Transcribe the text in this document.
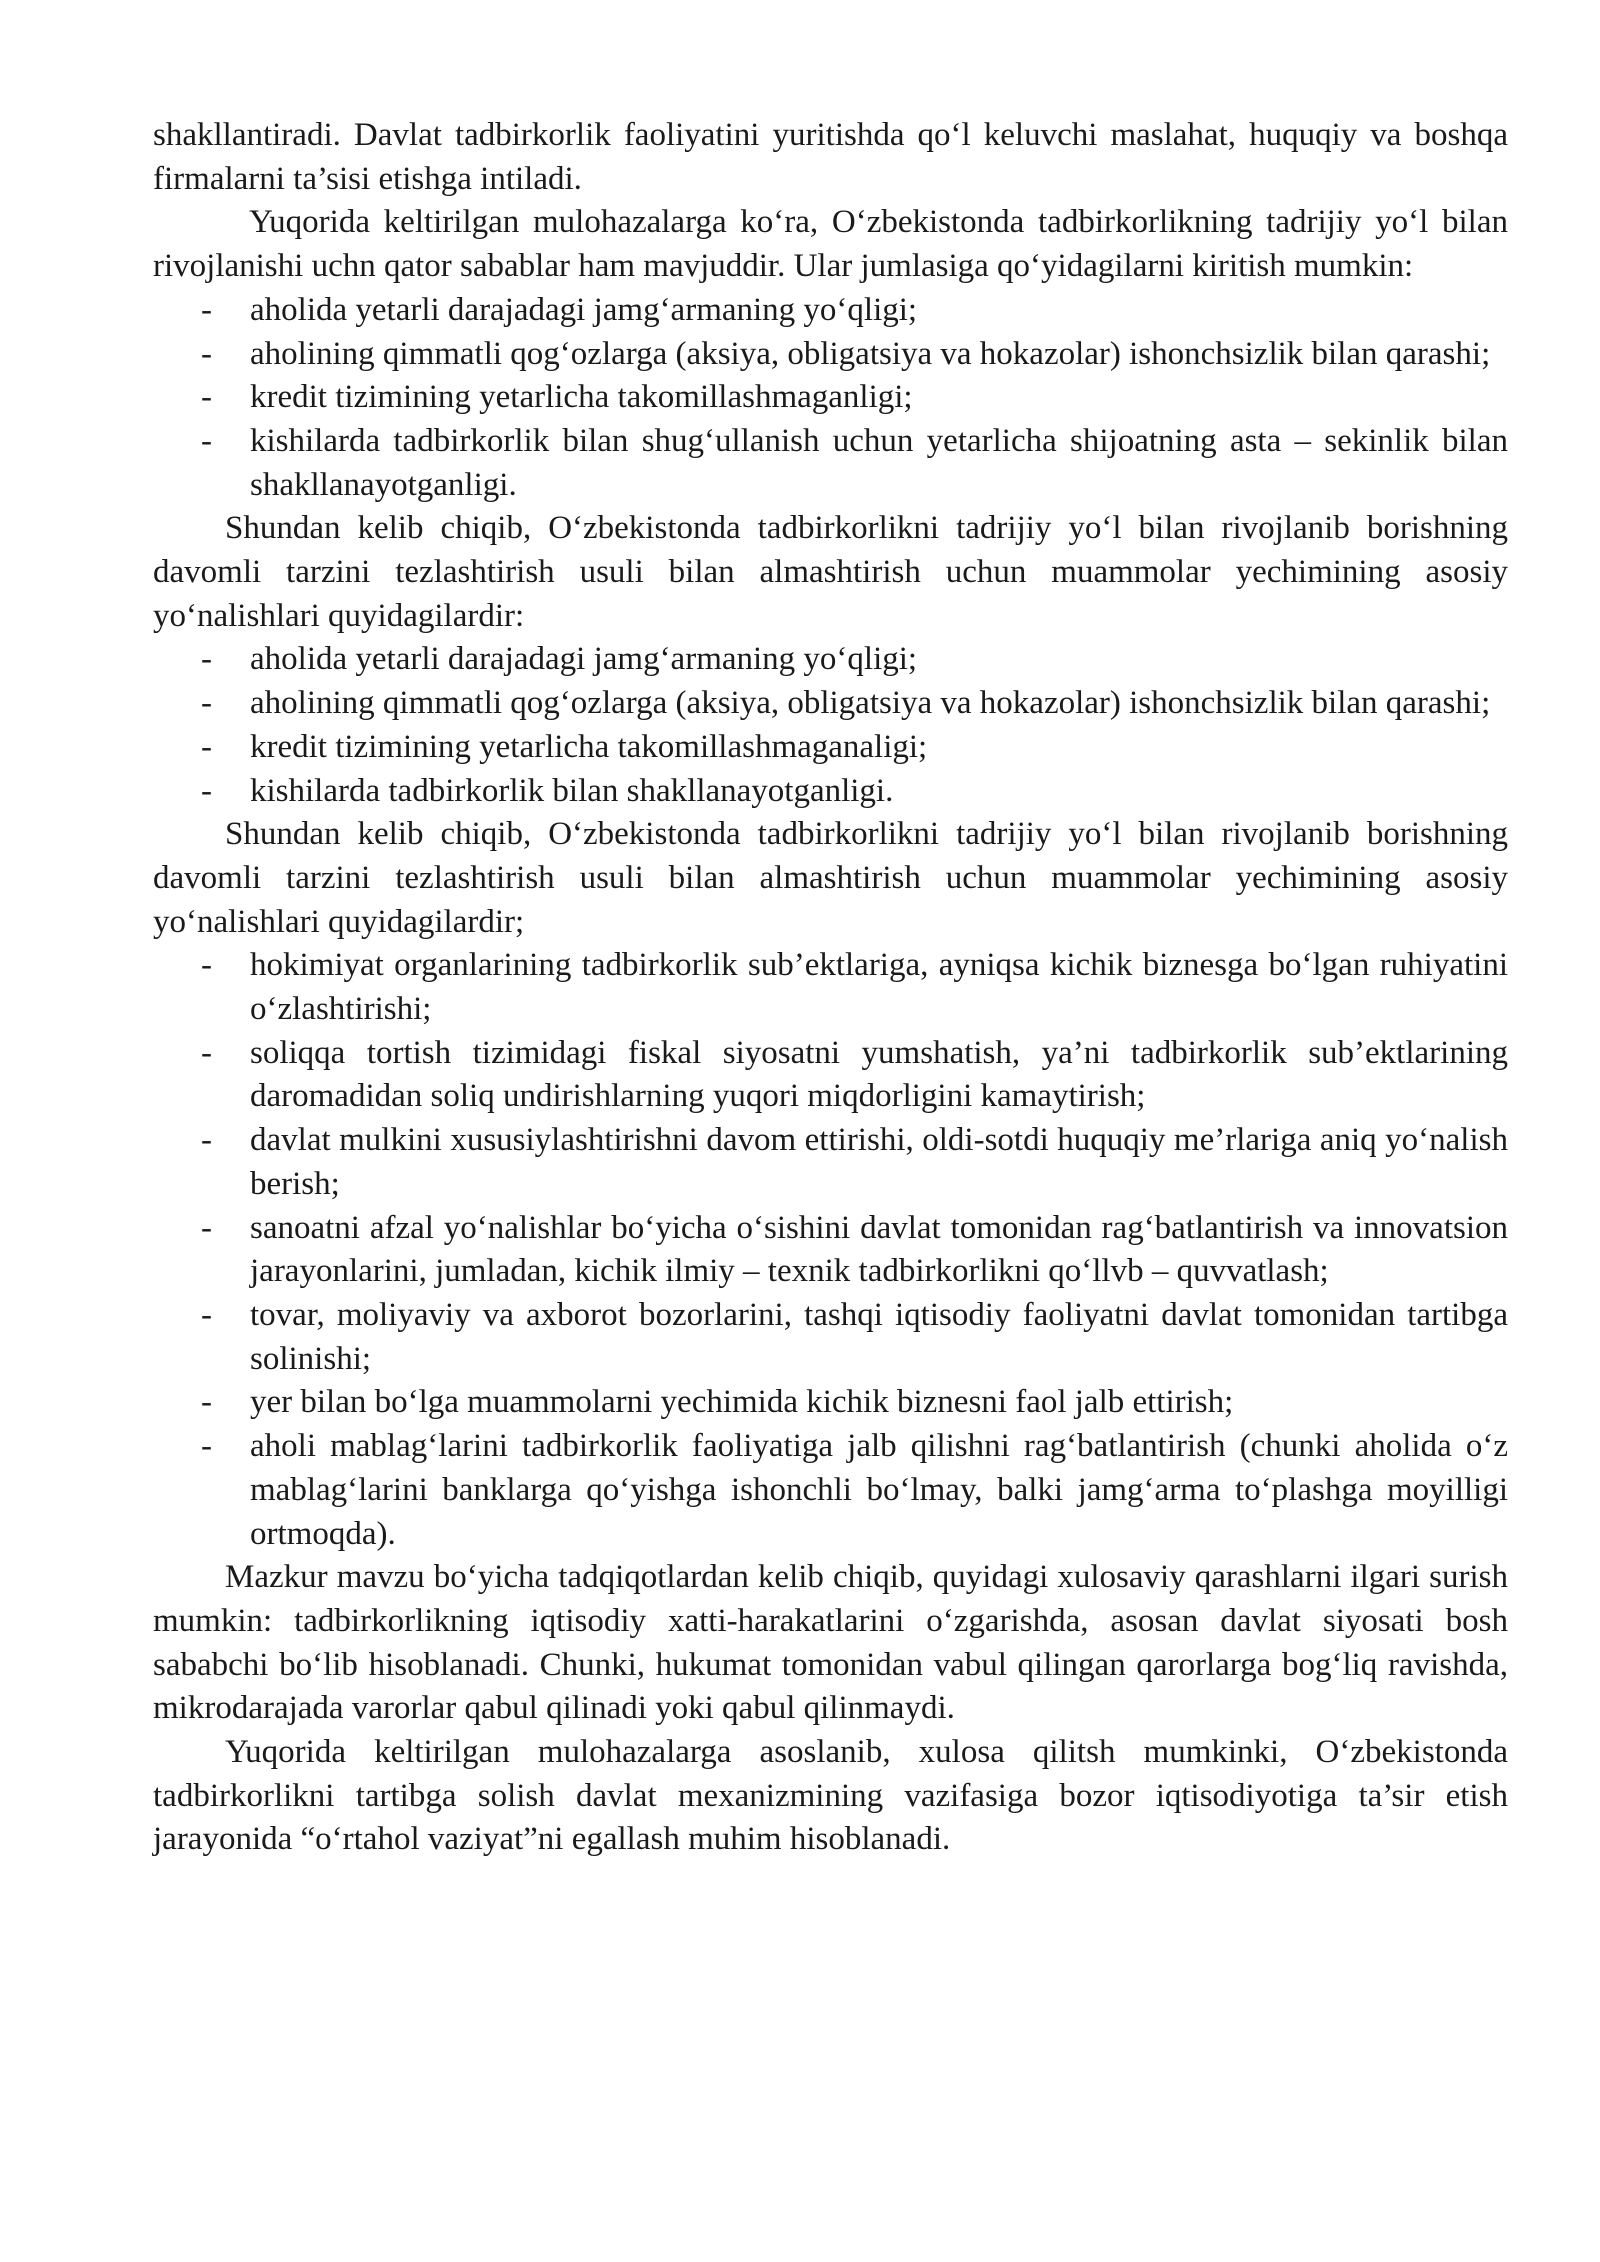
shakllantiradi. Davlat tadbirkorlik faoliyatini yuritishda qo‘l keluvchi maslahat, huquqiy va boshqa firmalarni ta’sisi etishga intiladi.

Yuqorida keltirilgan mulohazalarga ko‘ra, O‘zbekistonda tadbirkorlikning tadrijiy yo‘l bilan rivojlanishi uchn qator sabablar ham mavjuddir. Ular jumlasiga qo‘yidagilarni kiritish mumkin:

- aholida yetarli darajadagi jamg‘armaning yo‘qligi;
- aholining qimmatli qog‘ozlarga (aksiya, obligatsiya va hokazolar) ishonchsizlik bilan qarashi;
- kredit tizimining yetarlicha takomillashmaganligi;
- kishilarda tadbirkorlik bilan shug‘ullanish uchun yetarlicha shijoatning asta – sekinlik bilan shakllanayotganligi.

Shundan kelib chiqib, O‘zbekistonda tadbirkorlikni tadrijiy yo‘l bilan rivojlanib borishning davomli tarzini tezlashtirish usuli bilan almashtirish uchun muammolar yechimining asosiy yo‘nalishlari quyidagilardir:

- aholida yetarli darajadagi jamg‘armaning yo‘qligi;
- aholining qimmatli qog‘ozlarga (aksiya, obligatsiya va hokazolar) ishonchsizlik bilan qarashi;
- kredit tizimining yetarlicha takomillashmaganaligi;
- kishilarda tadbirkorlik bilan shakllanayotganligi.

Shundan kelib chiqib, O‘zbekistonda tadbirkorlikni tadrijiy yo‘l bilan rivojlanib borishning davomli tarzini tezlashtirish usuli bilan almashtirish uchun muammolar yechimining asosiy yo‘nalishlari quyidagilardir;

- hokimiyat organlarining tadbirkorlik sub’ektlariga, ayniqsa kichik biznesga bo‘lgan ruhiyatini o‘zlashtirishi;
- soliqqa tortish tizimidagi fiskal siyosatni yumshatish, ya’ni tadbirkorlik sub’ektlarining daromadidan soliq undirishlarning yuqori miqdorligini kamaytirish;
- davlat mulkini xususiylashtirishni davom ettirishi, oldi-sotdi huquqiy me’rlariga aniq yo‘nalish berish;
- sanoatni afzal yo‘nalishlar bo‘yicha o‘sishini davlat tomonidan rag‘batlantirish va innovatsion jarayonlarini, jumladan, kichik ilmiy – texnik tadbirkorlikni qo‘llvb – quvvatlash;
- tovar, moliyaviy va axborot bozorlarini, tashqi iqtisodiy faoliyatni davlat tomonidan tartibga solinishi;
- yer bilan bo‘lga muammolarni yechimida kichik biznesni faol jalb ettirish;
- aholi mablag‘larini tadbirkorlik faoliyatiga jalb qilishni rag‘batlantirish (chunki aholida o‘z mablag‘larini banklarga qo‘yishga ishonchli bo‘lmay, balki jamg‘arma to‘plashga moyilligi ortmoqda).

Mazkur mavzu bo‘yicha tadqiqotlardan kelib chiqib, quyidagi xulosaviy qarashlarni ilgari surish mumkin: tadbirkorlikning iqtisodiy xatti-harakatlarini o‘zgarishda, asosan davlat siyosati bosh sababchi bo‘lib hisoblanadi. Chunki, hukumat tomonidan vabul qilingan qarorlarga bog‘liq ravishda, mikrodarajada varorlar qabul qilinadi yoki qabul qilinmaydi.

Yuqorida keltirilgan mulohazalarga asoslanib, xulosa qilitsh mumkinki, O‘zbekistonda tadbirkorlikni tartibga solish davlat mexanizmining vazifasiga bozor iqtisodiyotiga ta’sir etish jarayonida “o‘rtahol vaziyat”ni egallash muhim hisoblanadi.
